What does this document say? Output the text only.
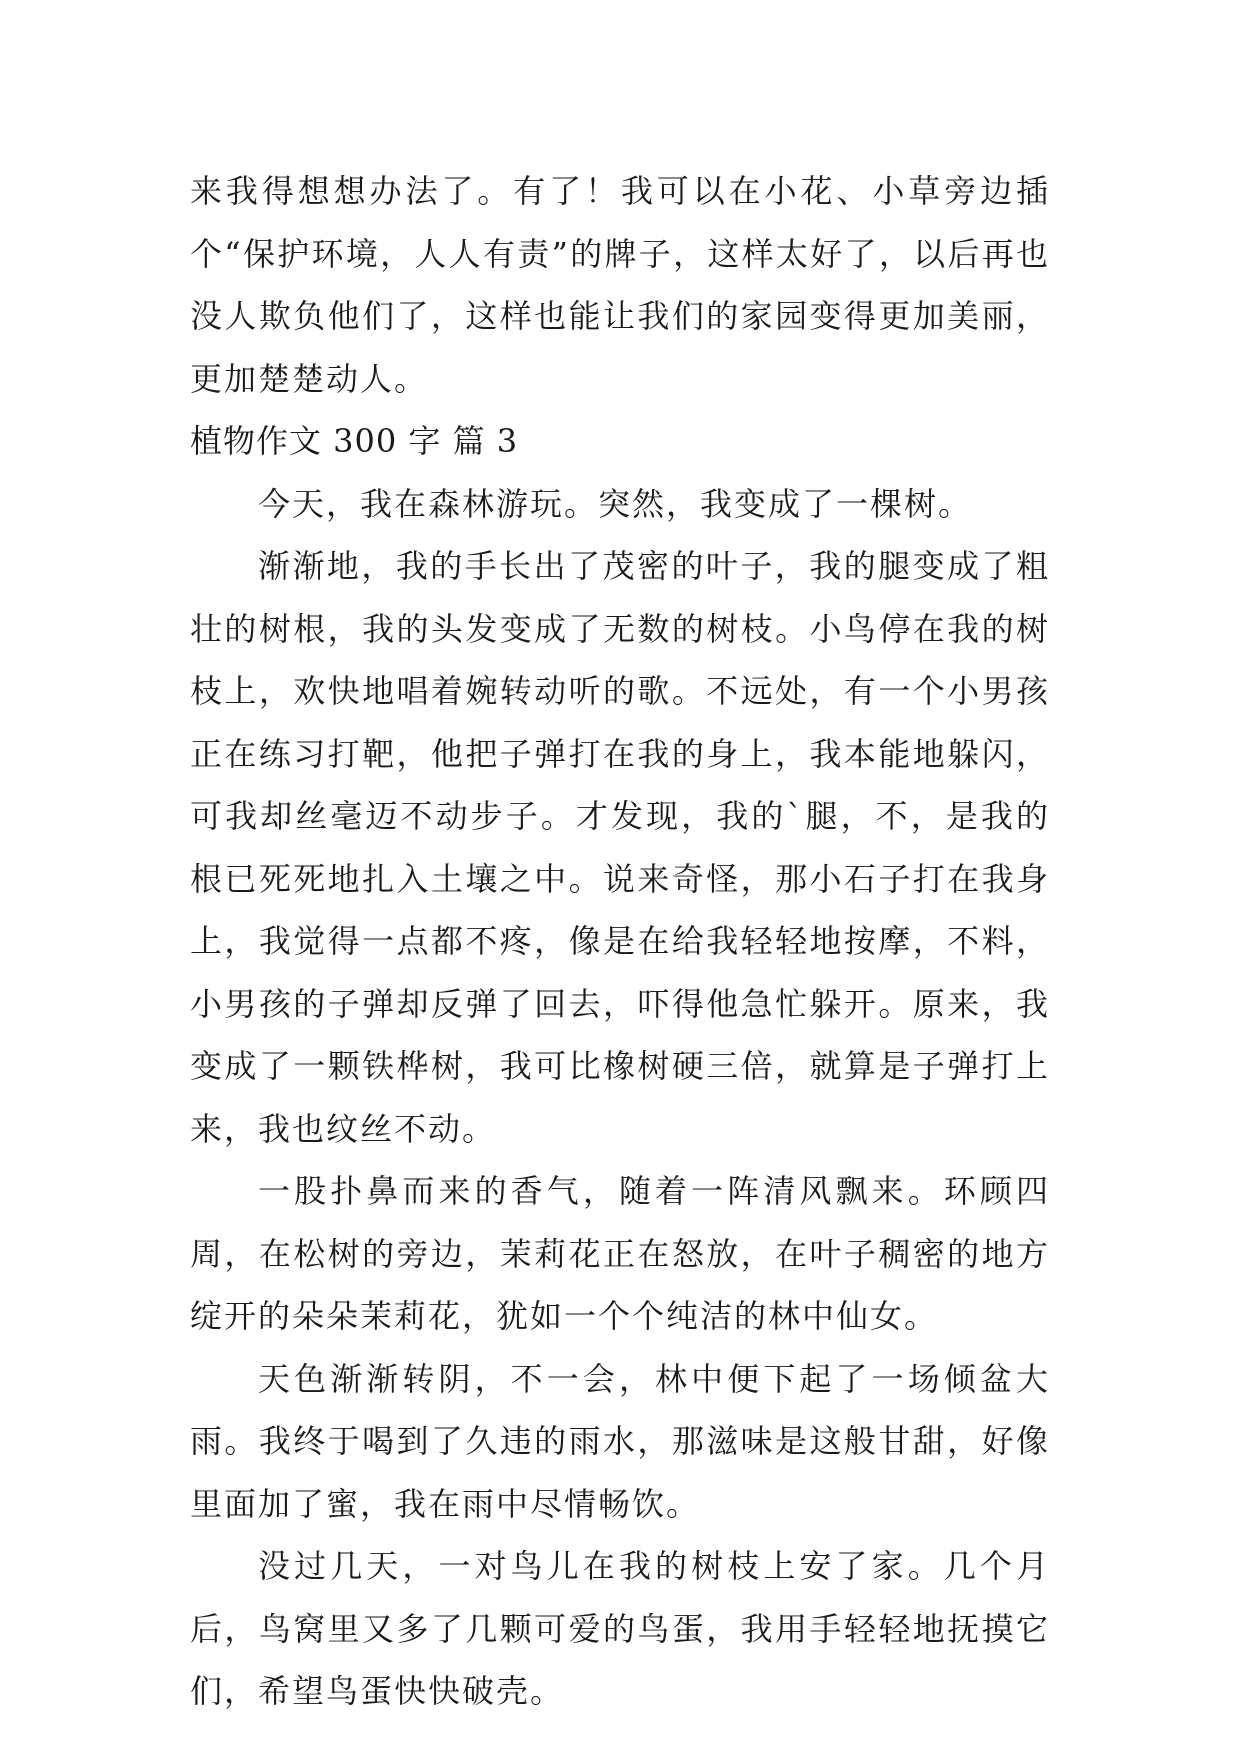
来我得想想办法了。有了！我可以在小花、小草旁边插个“保护环境，人人有责”的牌子，这样太好了，以后再也没人欺负他们了，这样也能让我们的家园变得更加美丽，更加楚楚动人。

植物作文 300 字 篇 3

今天，我在森林游玩。突然，我变成了一棵树。

渐渐地，我的手长出了茂密的叶子，我的腿变成了粗壮的树根，我的头发变成了无数的树枝。小鸟停在我的树枝上，欢快地唱着婉转动听的歌。不远处，有一个小男孩正在练习打靶，他把子弹打在我的身上，我本能地躲闪，可我却丝毫迈不动步子。才发现，我的`腿，不，是我的根已死死地扎入土壤之中。说来奇怪，那小石子打在我身上，我觉得一点都不疼，像是在给我轻轻地按摩，不料，小男孩的子弹却反弹了回去，吓得他急忙躲开。原来，我变成了一颗铁桦树，我可比橡树硬三倍，就算是子弹打上来，我也纹丝不动。

一股扑鼻而来的香气，随着一阵清风飘来。环顾四周，在松树的旁边，茉莉花正在怒放，在叶子稠密的地方绽开的朵朵茉莉花，犹如一个个纯洁的林中仙女。

天色渐渐转阴，不一会，林中便下起了一场倾盆大雨。我终于喝到了久违的雨水，那滋味是这般甘甜，好像里面加了蜜，我在雨中尽情畅饮。

没过几天，一对鸟儿在我的树枝上安了家。几个月后，鸟窝里又多了几颗可爱的鸟蛋，我用手轻轻地抚摸它们，希望鸟蛋快快破壳。
